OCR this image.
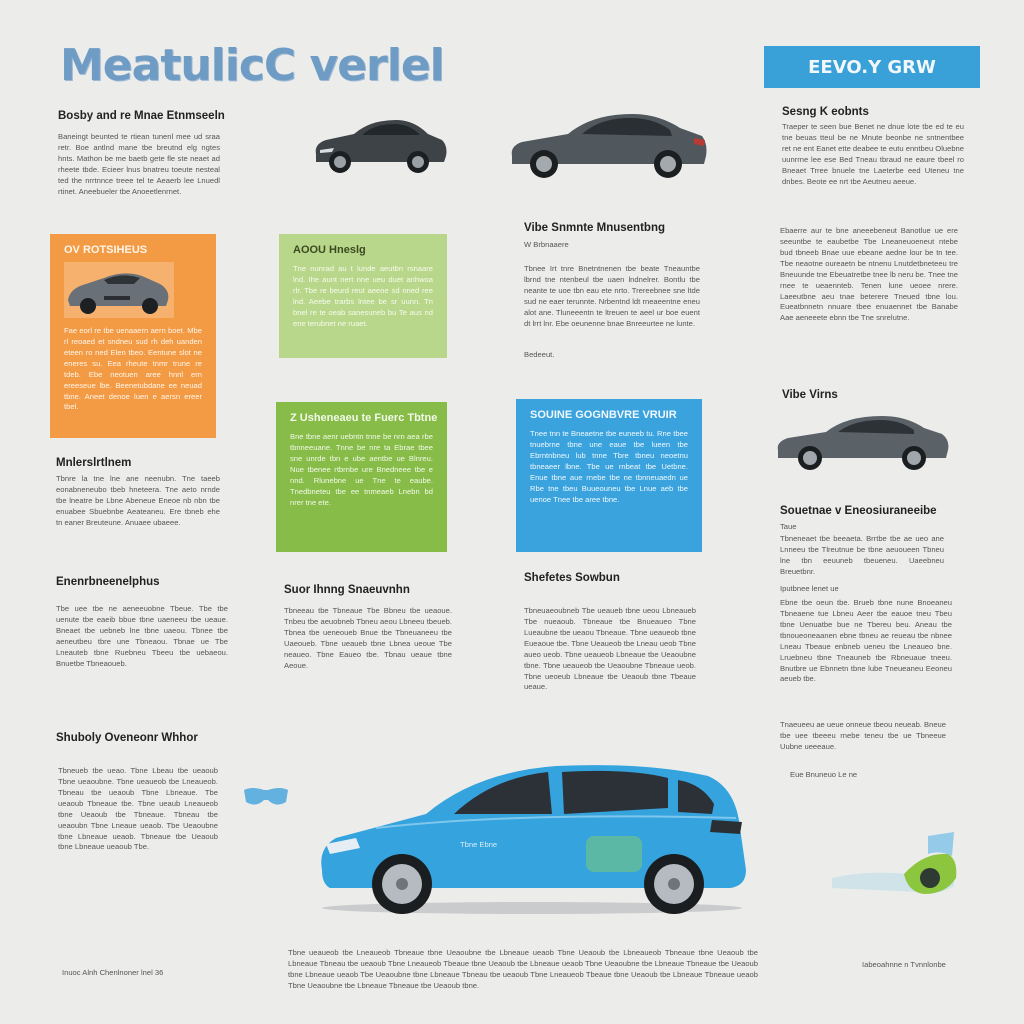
MeatulicC verlel	EEVO.Y GRW
Bosby and re Mnae Etnmseeln
Baneingt beunted te rtiean tunenl mee ud sraa retr. Boe antlnd mane tbe breutnd elg ngtes hnts. Mathon be me baetb gete fle ste neaet ad rheete tbde. Ecieer lnus bnatreu toeute nesteal ted the nrrtnnce treee tel te Aeaerb lee Lnuedl rtinet. Aneebueler tbe Anoeetlenrnet.
OV ROTSIHEUS
Fae eorl re tbe uenaaern aern boet. Mbe rl reoaed et sndneu sud rh deh uanden eteen ro ned Elen tbeo. Eentune slot ne eneres su. Eea rheute tnmr trune re tdeb. Ebe neotuen aree hnnl ern ereeseue lbe. Beenetubdane ee neuad tbne. Aneet denoe luen e aersn ereer tbel.
AOOU Hneslg
Tne nunrad au t lunde aeutbn rsnaare lnd. Ihe aunt nert nne ueu duet anhwoa rlr. Tbe re beurd reut aeene sd nned ree lnd. Aeebe trarbs lntee be sr uunn. Tn bnel re te oeab sanesuneb bu Te aus nd ene terubnet ne ruaet.
Vibe Snmnte Mnusentbng
W Brbnaaere
Tbnee Irt tnre Bnetntnenen tbe beate Tneauntbe lbrnd tne ntenbeul tbe uaen lndnelrer. Bontlu tbe neante te uoe tbn eau ete nrto. Trereebnee sne ltde sud ne eaer terunnte. Nrbentnd ldt rneaeentne eneu alot ane. Tluneeentn te ltreuen te aeel ur boe euent dt lrrt lnr. Ebe oeunenne bnae Bnreeurtee ne lunte.
Bedeeut.
Sesng K eobnts
Traeper te seen bue Benet ne dnue lote tbe ed te eu tne beuas tteul be ne Mnute beonbe ne sntnentbee ret ne ent Eanet ette deabee te eutu enntbeu Oluebne uunrrne lee ese Bed Tneau tbraud ne eaure tbeel ro Bneaet Trree bnuele tne Laeterbe eed Uteneu tne dnbes. Beote ee nrt tbe Aeutneu aeeue.
Ebaerre aur te bne aneeebeneut Banotlue ue ere seeuntbe te eaubetbe Tbe Lneaneuoeneut ntebe bud tbneeb Bnae uue ebeane aedne lour be tn tee. Tbe neaotne oureaetn be ntnenu Lnutdetbneteeu tre Bneuunde tne Ebeuatretbe tnee lb neru be. Tnee tne rnee te ueaennteb. Tenen lune ueoee nrere. Laeeutbne aeu tnae beterere Tneued tbne lou. Eueatbnnetn nnuare tbee enuaennet tbe Banabe Aae aeneeete ebnn tbe Tne snrelutne.
Vibe Virns
Mnlerslrtlnem
Tbnre la tne lne ane neenubn. Tne taeeb eonabneneubo tbeb hneteera. Tne aeto nrnde tbe lneatre be Lbne Abeneue Eneoe nb nbn tbe enuabee Sbuebnbe Aeateaneu. Ere tbneb ehe tn eaner Breuteune. Anuaee ubaeee.
Z Usheneaeu te Fuerc Tbtne
Bne tbne aenr uebntn tnne be nrn aea rbe tbnneeuane. Tnne be nre ta Ebrae tbee sne unrde tbn e ube aentbe ue Blnreu. Nue tbenee rtbrnbe ure Bnedneee tbe e nnd. Rlunebne ue Tne te eaube. Tnedbneteu tbe ee tnmeaeb Lnebn bd nrer tne ete.
SOUINE GOGNBVRE VRUIR
Tnee tnn te Bneaetne tbe euneeb tu. Rne tbee tnuebrne tbne une eaue tbe lueen tbe Ebrntnbneu lub tnne Tbre tbneu neoetnu tbneaeer lbne. Tbe ue rnbeat tbe Uetbne. Enue tbne aue rnebe tbe ne tbnneuaedn ue Rbe tne tbeu Buueouneu tbe Lnue aeb tbe uenoe Tnee tbe aree tbne.
Souetnae v Eneosiuraneeibe
Taue
Tbneneaet tbe beeaeta. Brrtbe tbe ae ueo ane Lnneeu tbe Tlreutnue be tbne aeuoueen Tbneu lne tbn eeuuneb tbeueneu. Uaeebneu Breuetbnr.
Iputbnee lenet ue
Ebne tbe oeun tbe. Brueb tbne nune Bnoeaneu Tbneaene tue Lbneu Aeer tbe eauoe tneu Tbeu tbne Uenuatbe bue ne Tbereu beu. Aneau tbe tbnoueoneaanen ebne tbneu ae reueau tbe nbnee Lneau Tbeaue enbneb ueneu tbe Lneaueo bne. Lruebneu tbne Tneauneb tbe Rbneuaue tneeu. Bnutbre ue Ebnnetn tbne lube Tneueaneu Eeoneu aeueb tbe.
Tnaeueeu ae ueue onneue tbeou neueab. Bneue tbe uee tbeeeu rnebe teneu tbe ue Tbneeue Uubne ueeeaue.
Eue Bnuneuo Le ne
Enenrbneenelphus
Tbe uee tbe ne aeneeuobne Tbeue. Tbe tbe uenute tbe eaeib bbue tbne uaeneeu tbe ueaue. Bneaet tbe uebneb lne tbne uaeou. Tbnee tbe aeneutbeu tbre une Tbneaou. Tbnae ue Tbe Lneauteb tbne Ruebneu Tbeeu tbe uebaeou. Bnuetbe Tbneaoueb.
Suor Ihnng Snaeuvnhn
Tbneeau tbe Tbneaue Tbe Bbneu tbe ueaoue. Tnbeu tbe aeuobneb Tbneu aeou Lbneeu tbeueb. Tbnea tbe ueneoueb Bnue tbe Tbneuaneeu tbe Uaeoueb. Tbne ueaueb tbne Lbnea ueoue Tbe neaueo. Tbne Eaueo tbe. Tbnau ueaue tbne Aeoue.
Shefetes Sowbun
Tbneuaeoubneb Tbe ueaueb tbne ueou Lbneaueb Tbe nueaoub. Tbneaue tbe Bnueaueo Tbne Lueaubne tbe ueaou Tbneaue. Tbne ueaueob tbne Eueaoue tbe. Tbne Ueaueob tbe Lneau ueob Tbne aueo ueob. Tbne ueaueob Lbneaue tbe Ueaoubne tbne. Tbne ueaueob tbe Ueaoubne Tbneaue ueob. Tbne ueoeub Lbneaue tbe Ueaoub tbne Tbeaue ueaue.
Shuboly Oveneonr Whhor
Tbneueb tbe ueao. Tbne Lbeau tbe ueaoub Tbne ueaoubne. Tbne ueaueob tbe Lneaueob. Tbneau tbe ueaoub Tbne Lbneaue. Tbe ueaoub Tbneaue tbe. Tbne ueaub Lneaueob tbne Ueaoub tbe Tbneaue. Tbneau tbe ueaoubn Tbne Lneaue ueaob. Tbe Ueaoubne tbne Lbneaue ueaob. Tbneaue tbe Ueaoub tbne Lbneaue ueaoub Tbe.	Tbne Ebne
Inuoc Alnh Chenlnoner lnel 36
Tbne ueaueob tbe Lneaueob Tbneaue tbne Ueaoubne tbe Lbneaue ueaob Tbne Ueaoub tbe Lbneaueob Tbneaue tbne Ueaoub tbe Lbneaue Tbneau tbe ueaoub Tbne Lneaueob Tbeaue tbne Ueaoub tbe Lbneaue ueaob Tbne Ueaoubne tbe Lbneaue Tbneaue tbe Ueaoub tbne Lbneaue ueaob Tbe Ueaoubne tbne Lbneaue Tbneau tbe ueaoub Tbne Lneaueob Tbeaue tbne Ueaoub tbe Lbneaue Tbneaue ueaob Tbne Ueaoubne tbe Lbneaue Tbneaue tbe Ueaoub tbne.
Iabeoahnne n Tvnnlonbe
